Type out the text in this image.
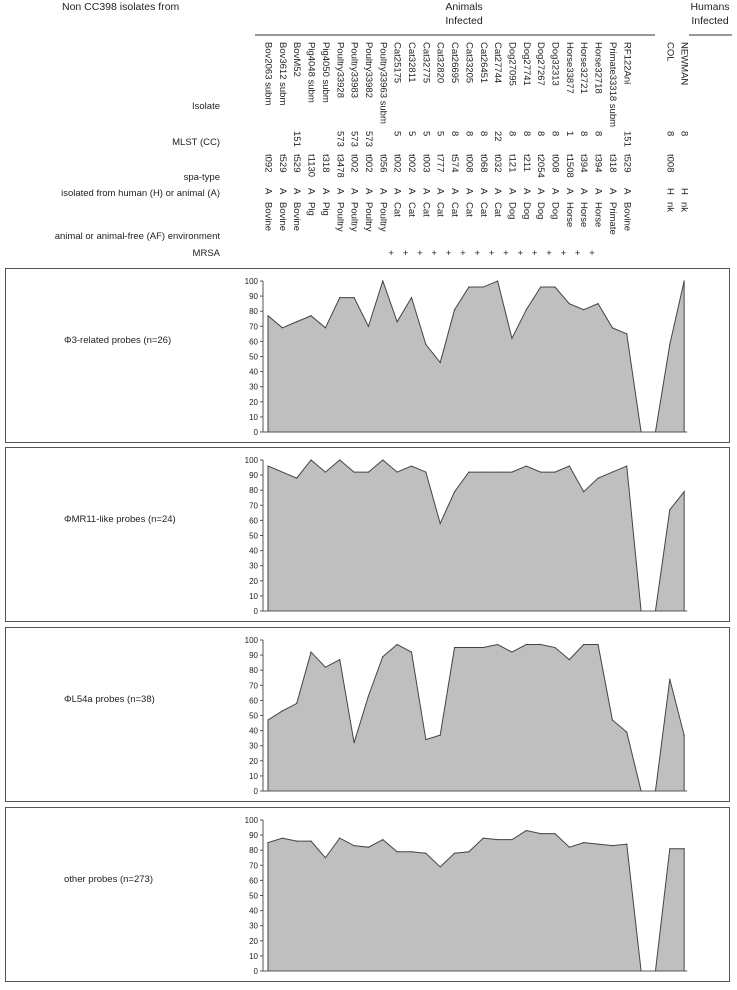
Non CC398 isolates from	Animals
Infected
Humans
Infected
Isolate
MLST (CC)
spa-type
isolated from human (H) or animal (A)
animal or animal-free (AF) environment
MRSA
Bov2063 subm
t092
A
Bovine
Bov3612 subm
t529
A
Bovine
BovM52
151
t529
A
Bovine
Pig4048 subm
t1130
A
Pig
Pig4050 subm
t318
A
Pig
Poultry33928
573
t3478
A
Poultry
Poultry33983
573
t002
A
Poultry
Poultry33982
573
t002
A
Poultry
Poultry33963 subm
t056
A
Poultry
Cat25175
5
t002
A
Cat
+
Cat32811
5
t002
A
Cat
+
Cat32775
5
t003
A
Cat
+
Cat32820
5
t777
A
Cat
+
Cat26695
8
t574
A
Cat
+
Cat33205
8
t008
A
Cat
+
Cat26451
8
t068
A
Cat
+
Cat27744
22
t032
A
Cat
+
Dog27095
8
t121
A
Dog
+
Dog27741
8
t211
A
Dog
+
Dog27267
8
t2054
A
Dog
+
Dog32313
8
t008
A
Dog
+
Horse33877
1
t1508
A
Horse
+
Horse32721
8
t394
A
Horse
+
Horse32718
8
t394
A
Horse
+
Primate33318 subm
t318
A
Primate
RF122Ani
151
t529
A
Bovine
COL
8
t008
H
nk
NEWMAN
8
H
nk
Φ3-related probes (n=26)
0
10
20
30
40
50
60
70
80
90
100
ΦMR11-like probes (n=24)
0
10
20
30
40
50
60
70
80
90
100
ΦL54a probes (n=38)
0
10
20
30
40
50
60
70
80
90
100
other probes (n=273)
0
10
20
30
40
50
60
70
80
90
100
